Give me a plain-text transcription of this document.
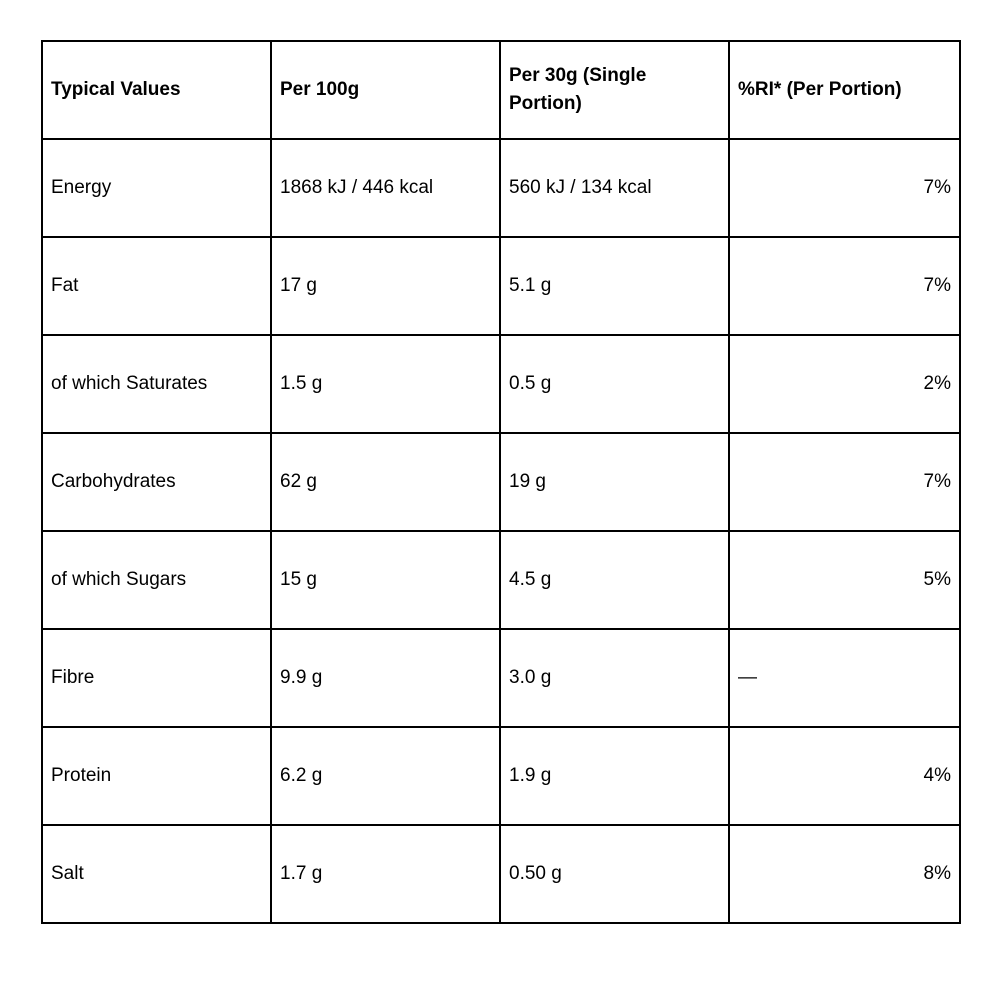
Typical Values	Per 100g	Per 30g (Single Portion)	%RI* (Per Portion)
Energy	1868 kJ / 446 kcal	560 kJ / 134 kcal	7%
Fat	17 g	5.1 g	7%
of which Saturates	1.5 g	0.5 g	2%
Carbohydrates	62 g	19 g	7%
of which Sugars	15 g	4.5 g	5%
Fibre	9.9 g	3.0 g	—
Protein	6.2 g	1.9 g	4%
Salt	1.7 g	0.50 g	8%
